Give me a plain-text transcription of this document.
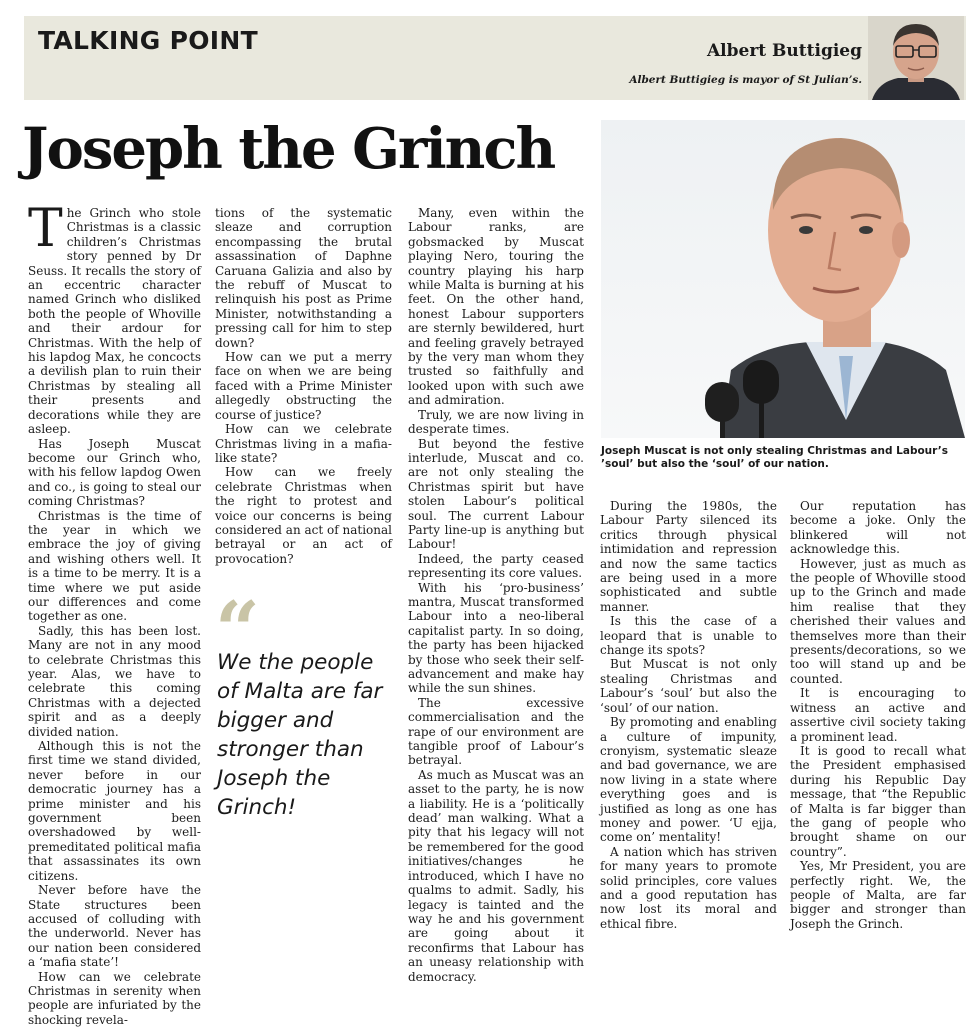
TALKING POINT	Albert Buttigieg
Albert Buttigieg is mayor of St Julian’s.
Joseph the Grinch

The Grinch who stole Christmas is a classic children’s Christmas story penned by Dr Seuss. It recalls the story of an eccentric character named Grinch who disliked both the people of Whoville and their ardour for Christmas. With the help of his lapdog Max, he concocts a devilish plan to ruin their Christmas by stealing all their presents and decorations while they are asleep.

Has Joseph Muscat become our Grinch who, with his fellow lapdog Owen and co., is going to steal our coming Christmas?

Christmas is the time of the year in which we embrace the joy of giving and wishing others well. It is a time to be merry. It is a time where we put aside our differences and come together as one.

Sadly, this has been lost. Many are not in any mood to celebrate Christmas this year. Alas, we have to celebrate this coming Christmas with a dejected spirit and as a deeply divided nation.

Although this is not the first time we stand divided, never before in our democratic journey has a prime minister and his government been overshadowed by well-premeditated political mafia that assassinates its own citizens.

Never before have the State structures been accused of colluding with the underworld. Never has our nation been considered a ‘mafia state’!

How can we celebrate Christmas in serenity when people are infuriated by the shocking revela-

tions of the systematic sleaze and corruption encompassing the brutal assassination of Daphne Caruana Galizia and also by the rebuff of Muscat to relinquish his post as Prime Minister, notwithstanding a pressing call for him to step down?

How can we put a merry face on when we are being faced with a Prime Minister allegedly obstructing the course of justice?

How can we celebrate Christmas living in a mafia-like state?

How can we freely celebrate Christmas when the right to protest and voice our concerns is being considered an act of national betrayal or an act of provocation?

“
We the people of Malta are far bigger and stronger than Joseph the Grinch!

Many, even within the Labour ranks, are gobsmacked by Muscat playing Nero, touring the country playing his harp while Malta is burning at his feet. On the other hand, honest Labour supporters are sternly bewildered, hurt and feeling gravely betrayed by the very man whom they trusted so faithfully and looked upon with such awe and admiration.

Truly, we are now living in desperate times.

But beyond the festive interlude, Muscat and co. are not only stealing the Christmas spirit but have stolen Labour’s political soul. The current Labour Party line-up is anything but Labour!

Indeed, the party ceased representing its core values.

With his ‘pro-business’ mantra, Muscat transformed Labour into a neo-liberal capitalist party. In so doing, the party has been hijacked by those who seek their self-advancement and make hay while the sun shines.

The excessive commercialisation and the rape of our environment are tangible proof of Labour’s betrayal.

As much as Muscat was an asset to the party, he is now a liability. He is a ‘politically dead’ man walking. What a pity that his legacy will not be remembered for the good initiatives/changes he introduced, which I have no qualms to admit. Sadly, his legacy is tainted and the way he and his government are going about it reconfirms that Labour has an uneasy relationship with democracy.

Joseph Muscat is not only stealing Christmas and Labour’s ’soul’ but also the ‘soul’ of our nation.

During the 1980s, the Labour Party silenced its critics through physical intimidation and repression and now the same tactics are being used in a more sophisticated and subtle manner.

Is this the case of a leopard that is unable to change its spots?

But Muscat is not only stealing Christmas and Labour’s ‘soul’ but also the ‘soul’ of our nation.

By promoting and enabling a culture of impunity, cronyism, systematic sleaze and bad governance, we are now living in a state where everything goes and is justified as long as one has money and power. ‘U ejja, come on’ mentality!

A nation which has striven for many years to promote solid principles, core values and a good reputation has now lost its moral and ethical fibre.

Our reputation has become a joke. Only the blinkered will not acknowledge this.

However, just as much as the people of Whoville stood up to the Grinch and made him realise that they cherished their values and themselves more than their presents/decorations, so we too will stand up and be counted.

It is encouraging to witness an active and assertive civil society taking a prominent lead.

It is good to recall what the President emphasised during his Republic Day message, that “the Republic of Malta is far bigger than the gang of people who brought shame on our country”.

Yes, Mr President, you are perfectly right. We, the people of Malta, are far bigger and stronger than Joseph the Grinch.
